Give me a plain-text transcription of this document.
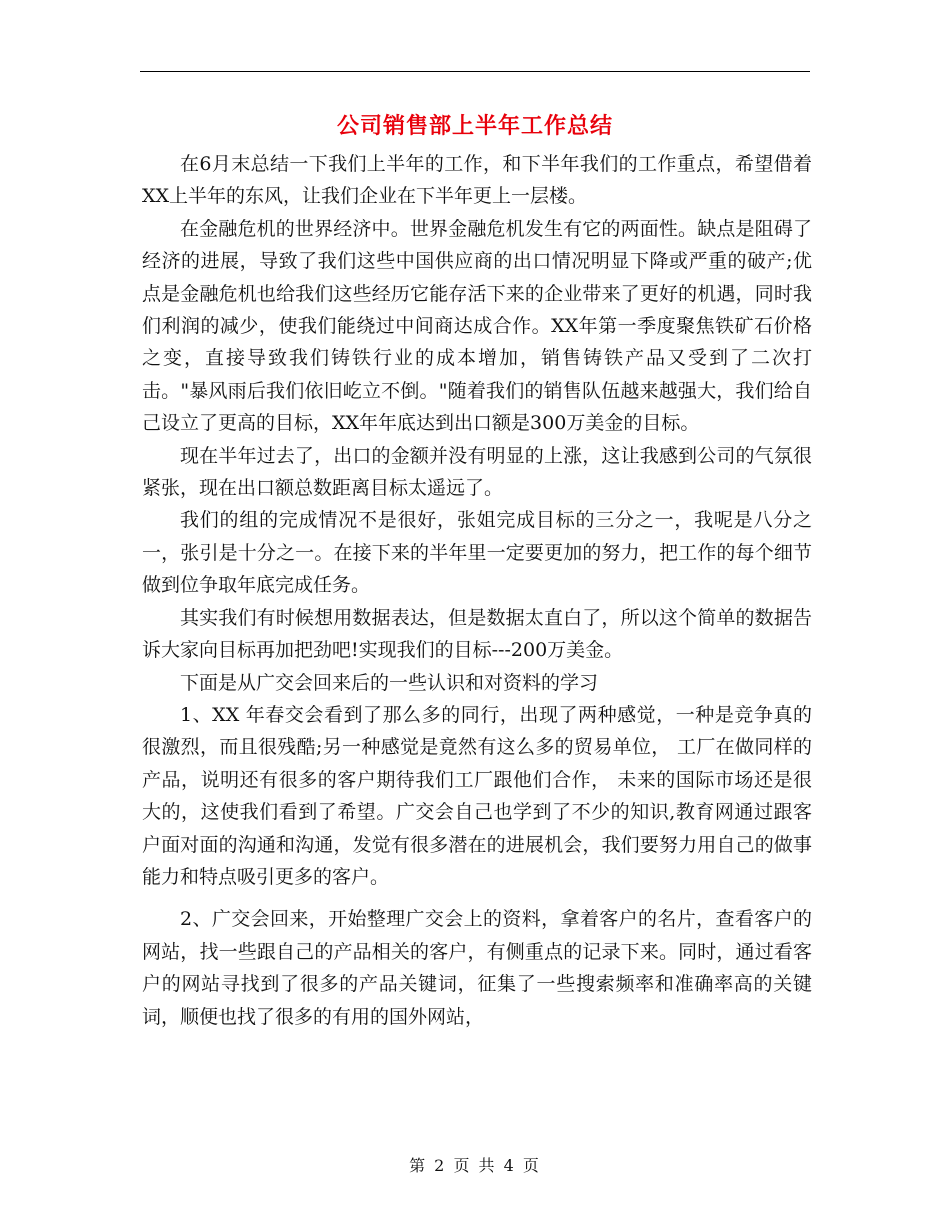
公司销售部上半年工作总结

在6月末总结一下我们上半年的工作，和下半年我们的工作重点，希望借着XX上半年的东风，让我们企业在下半年更上一层楼。

在金融危机的世界经济中。世界金融危机发生有它的两面性。缺点是阻碍了经济的进展，导致了我们这些中国供应商的出口情况明显下降或严重的破产;优点是金融危机也给我们这些经历它能存活下来的企业带来了更好的机遇，同时我们利润的减少，使我们能绕过中间商达成合作。XX年第一季度聚焦铁矿石价格之变，直接导致我们铸铁行业的成本增加，销售铸铁产品又受到了二次打击。"暴风雨后我们依旧屹立不倒。"随着我们的销售队伍越来越强大，我们给自己设立了更高的目标，XX年年底达到出口额是300万美金的目标。

现在半年过去了，出口的金额并没有明显的上涨，这让我感到公司的气氛很紧张，现在出口额总数距离目标太遥远了。

我们的组的完成情况不是很好，张姐完成目标的三分之一，我呢是八分之一，张引是十分之一。在接下来的半年里一定要更加的努力，把工作的每个细节做到位争取年底完成任务。

其实我们有时候想用数据表达，但是数据太直白了，所以这个简单的数据告诉大家向目标再加把劲吧!实现我们的目标---200万美金。

下面是从广交会回来后的一些认识和对资料的学习

1、XX 年春交会看到了那么多的同行，出现了两种感觉，一种是竞争真的很激烈，而且很残酷;另一种感觉是竟然有这么多的贸易单位， 工厂在做同样的产品，说明还有很多的客户期待我们工厂跟他们合作， 未来的国际市场还是很大的，这使我们看到了希望。广交会自己也学到了不少的知识,教育网通过跟客户面对面的沟通和沟通，发觉有很多潜在的进展机会，我们要努力用自己的做事能力和特点吸引更多的客户。

2、广交会回来，开始整理广交会上的资料，拿着客户的名片，查看客户的网站，找一些跟自己的产品相关的客户，有侧重点的记录下来。同时，通过看客户的网站寻找到了很多的产品关键词，征集了一些搜索频率和准确率高的关键词，顺便也找了很多的有用的国外网站，

第 2 页 共 4 页
